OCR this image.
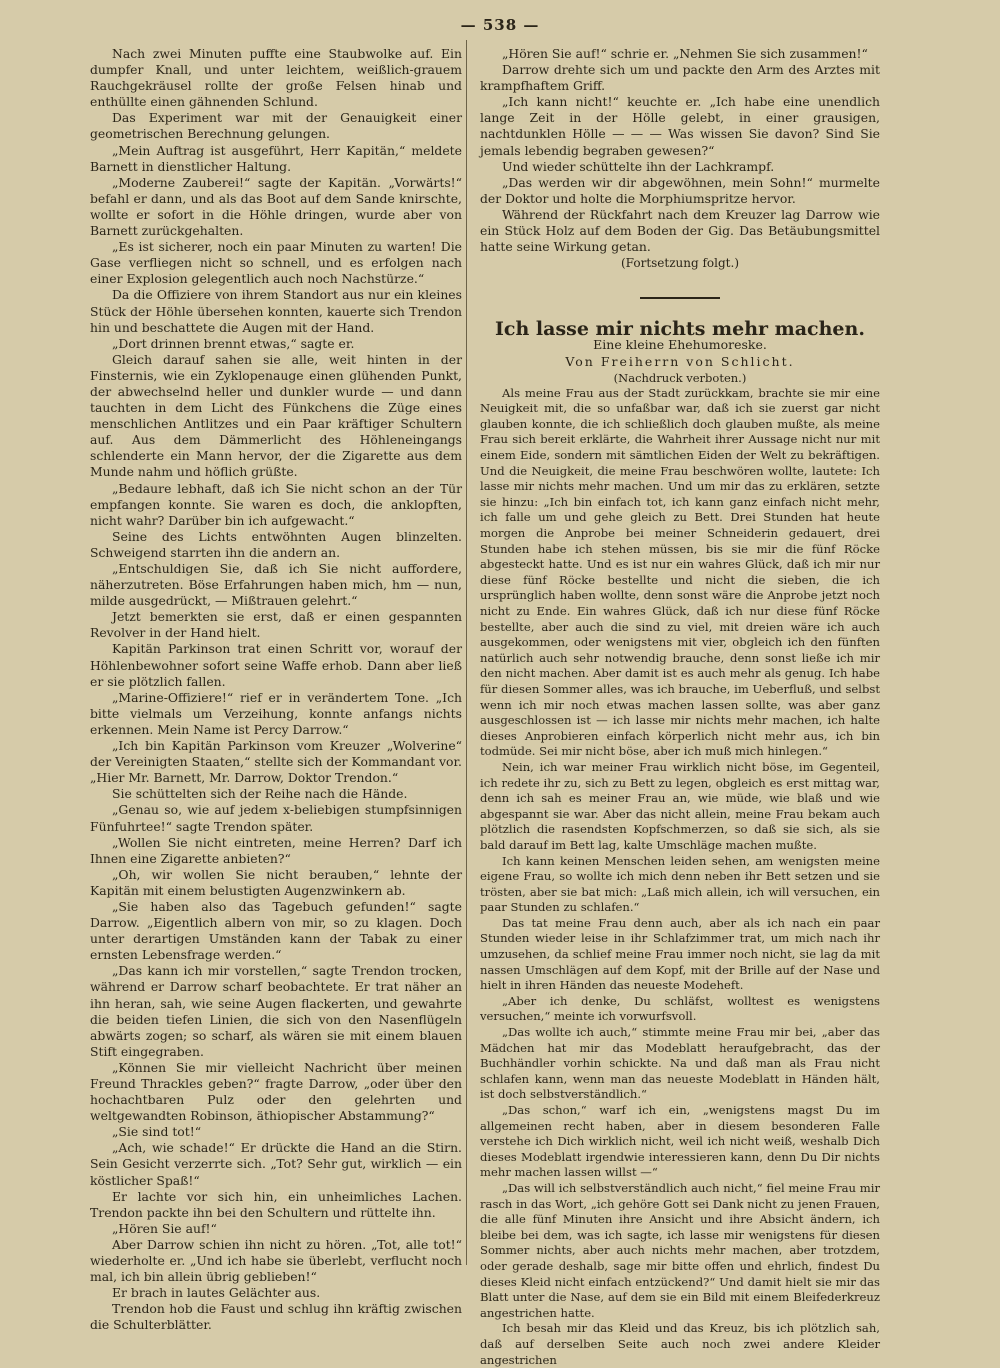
— 538 —

Nach zwei Minuten puffte eine Staubwolke auf. Ein dumpfer Knall, und unter leichtem, weißlich-grauem Rauchgekräusel rollte der große Felsen hinab und enthüllte einen gähnenden Schlund.

Das Experiment war mit der Genauigkeit einer geometrischen Berechnung gelungen.

„Mein Auftrag ist ausgeführt, Herr Kapitän,“ meldete Barnett in dienstlicher Haltung.

„Moderne Zauberei!“ sagte der Kapitän. „Vorwärts!“ befahl er dann, und als das Boot auf dem Sande knirschte, wollte er sofort in die Höhle dringen, wurde aber von Barnett zurückgehalten.

„Es ist sicherer, noch ein paar Minuten zu warten! Die Gase verfliegen nicht so schnell, und es erfolgen nach einer Explosion gelegentlich auch noch Nachstürze.“

Da die Offiziere von ihrem Standort aus nur ein kleines Stück der Höhle übersehen konnten, kauerte sich Trendon hin und beschattete die Augen mit der Hand.

„Dort drinnen brennt etwas,“ sagte er.

Gleich darauf sahen sie alle, weit hinten in der Finsternis, wie ein Zyklopenauge einen glühenden Punkt, der abwechselnd heller und dunkler wurde — und dann tauchten in dem Licht des Fünkchens die Züge eines menschlichen Antlitzes und ein Paar kräftiger Schultern auf. Aus dem Dämmerlicht des Höhleneingangs schlenderte ein Mann hervor, der die Zigarette aus dem Munde nahm und höflich grüßte.

„Bedaure lebhaft, daß ich Sie nicht schon an der Tür empfangen konnte. Sie waren es doch, die anklopften, nicht wahr? Darüber bin ich aufgewacht.“

Seine des Lichts entwöhnten Augen blinzelten. Schweigend starrten ihn die andern an.

„Entschuldigen Sie, daß ich Sie nicht aufforderе, näherzutreten. Böse Erfahrungen haben mich, hm — nun, milde ausgedrückt, — Mißtrauen gelehrt.“

Jetzt bemerkten sie erst, daß er einen gespannten Revolver in der Hand hielt.

Kapitän Parkinson trat einen Schritt vor, worauf der Höhlenbewohner sofort seine Waffe erhob. Dann aber ließ er sie plötzlich fallen.

„Marine-Offiziere!“ rief er in verändertem Tone. „Ich bitte vielmals um Verzeihung, konnte anfangs nichts erkennen. Mein Name ist Percy Darrow.“

„Ich bin Kapitän Parkinson vom Kreuzer „Wolverine“ der Vereinigten Staaten,“ stellte sich der Kommandant vor. „Hier Mr. Barnett, Mr. Darrow, Doktor Trendon.“

Sie schüttelten sich der Reihe nach die Hände.

„Genau so, wie auf jedem x-beliebigen stumpfsinnigen Fünfuhrtee!“ sagte Trendon später.

„Wollen Sie nicht eintreten, meine Herren? Darf ich Ihnen eine Zigarette anbieten?“

„Oh, wir wollen Sie nicht berauben,“ lehnte der Kapitän mit einem belustigten Augenzwinkern ab.

„Sie haben also das Tagebuch gefunden!“ sagte Darrow. „Eigentlich albern von mir, so zu klagen. Doch unter derartigen Umständen kann der Tabak zu einer ernsten Lebensfrage werden.“

„Das kann ich mir vorstellen,“ sagte Trendon trocken, während er Darrow scharf beobachtete. Er trat näher an ihn heran, sah, wie seine Augen flackerten, und gewahrte die beiden tiefen Linien, die sich von den Nasenflügeln abwärts zogen; so scharf, als wären sie mit einem blauen Stift eingegraben.

„Können Sie mir vielleicht Nachricht über meinen Freund Thrackles geben?“ fragte Darrow, „oder über den hochachtbaren Pulz oder den gelehrten und weltgewandten Robinson, äthiopischer Abstammung?“

„Sie sind tot!“

„Ach, wie schade!“ Er drückte die Hand an die Stirn. Sein Gesicht verzerrte sich. „Tot? Sehr gut, wirklich — ein köstlicher Spaß!“

Er lachte vor sich hin, ein unheimliches Lachen. Trendon packte ihn bei den Schultern und rüttelte ihn.

„Hören Sie auf!“

Aber Darrow schien ihn nicht zu hören. „Tot, alle tot!“ wiederholte er. „Und ich habe sie überlebt, verflucht noch mal, ich bin allein übrig geblieben!“

Er brach in lautes Gelächter aus.

Trendon hob die Faust und schlug ihn kräftig zwischen die Schulterblätter.

„Hören Sie auf!“ schrie er. „Nehmen Sie sich zusammen!“

Darrow drehte sich um und packte den Arm des Arztes mit krampfhaftem Griff.

„Ich kann nicht!“ keuchte er. „Ich habe eine unendlich lange Zeit in der Hölle gelebt, in einer grausigen, nachtdunklen Hölle — — — Was wissen Sie davon? Sind Sie jemals lebendig begraben gewesen?“

Und wieder schüttelte ihn der Lachkrampf.

„Das werden wir dir abgewöhnen, mein Sohn!“ murmelte der Doktor und holte die Morphiumspritze hervor.

Während der Rückfahrt nach dem Kreuzer lag Darrow wie ein Stück Holz auf dem Boden der Gig. Das Betäubungsmittel hatte seine Wirkung getan.

(Fortsetzung folgt.)

Ich lasse mir nichts mehr machen.

Eine kleine Ehehumoreske.

Von Freiherrn von Schlicht.

(Nachdruck verboten.)

Als meine Frau aus der Stadt zurückkam, brachte sie mir eine Neuigkeit mit, die so unfaßbar war, daß ich sie zuerst gar nicht glauben konnte, die ich schließlich doch glauben mußte, als meine Frau sich bereit erklärte, die Wahrheit ihrer Aussage nicht nur mit einem Eide, sondern mit sämtlichen Eiden der Welt zu bekräftigen. Und die Neuigkeit, die meine Frau beschwören wollte, lautete: Ich lasse mir nichts mehr machen. Und um mir das zu erklären, setzte sie hinzu: „Ich bin einfach tot, ich kann ganz einfach nicht mehr, ich falle um und gehe gleich zu Bett. Drei Stunden hat heute morgen die Anprobe bei meiner Schneiderin gedauert, drei Stunden habe ich stehen müssen, bis sie mir die fünf Röcke abgesteckt hatte. Und es ist nur ein wahres Glück, daß ich mir nur diese fünf Röcke bestellte und nicht die sieben, die ich ursprünglich haben wollte, denn sonst wäre die Anprobe jetzt noch nicht zu Ende. Ein wahres Glück, daß ich nur diese fünf Röcke bestellte, aber auch die sind zu viel, mit dreien wäre ich auch ausgekommen, oder wenigstens mit vier, obgleich ich den fünften natürlich auch sehr notwendig brauche, denn sonst ließe ich mir den nicht machen. Aber damit ist es auch mehr als genug. Ich habe für diesen Sommer alles, was ich brauche, im Ueberfluß, und selbst wenn ich mir noch etwas machen lassen sollte, was aber ganz ausgeschlossen ist — ich lasse mir nichts mehr machen, ich halte dieses Anprobieren einfach körperlich nicht mehr aus, ich bin todmüde. Sei mir nicht böse, aber ich muß mich hinlegen.“

Nein, ich war meiner Frau wirklich nicht böse, im Gegenteil, ich redete ihr zu, sich zu Bett zu legen, obgleich es erst mittag war, denn ich sah es meiner Frau an, wie müde, wie blaß und wie abgespannt sie war. Aber das nicht allein, meine Frau bekam auch plötzlich die rasendsten Kopfschmerzen, so daß sie sich, als sie bald darauf im Bett lag, kalte Umschläge machen mußte.

Ich kann keinen Menschen leiden sehen, am wenigsten meine eigene Frau, so wollte ich mich denn neben ihr Bett setzen und sie trösten, aber sie bat mich: „Laß mich allein, ich will versuchen, ein paar Stunden zu schlafen.“

Das tat meine Frau denn auch, aber als ich nach ein paar Stunden wieder leise in ihr Schlafzimmer trat, um mich nach ihr umzusehen, da schlief meine Frau immer noch nicht, sie lag da mit nassen Umschlägen auf dem Kopf, mit der Brille auf der Nase und hielt in ihren Händen das neueste Modeheft.

„Aber ich denke, Du schläfst, wolltest es wenigstens versuchen,“ meinte ich vorwurfsvoll.

„Das wollte ich auch,“ stimmte meine Frau mir bei, „aber das Mädchen hat mir das Modeblatt heraufgebracht, das der Buchhändler vorhin schickte. Na und daß man als Frau nicht schlafen kann, wenn man das neueste Modeblatt in Händen hält, ist doch selbstverständlich.“

„Das schon,“ warf ich ein, „wenigstens magst Du im allgemeinen recht haben, aber in diesem besonderen Falle verstehe ich Dich wirklich nicht, weil ich nicht weiß, weshalb Dich dieses Modeblatt irgendwie interessieren kann, denn Du Dir nichts mehr machen lassen willst —“

„Das will ich selbstverständlich auch nicht,“ fiel meine Frau mir rasch in das Wort, „ich gehöre Gott sei Dank nicht zu jenen Frauen, die alle fünf Minuten ihre Ansicht und ihre Absicht ändern, ich bleibe bei dem, was ich sagte, ich lasse mir wenigstens für diesen Sommer nichts, aber auch nichts mehr machen, aber trotzdem, oder gerade deshalb, sage mir bitte offen und ehrlich, findest Du dieses Kleid nicht einfach entzückend?“ Und damit hielt sie mir das Blatt unter die Nase, auf dem sie ein Bild mit einem Bleifederkreuz angestrichen hatte.

Ich besah mir das Kleid und das Kreuz, bis ich plötzlich sah, daß auf derselben Seite auch noch zwei andere Kleider angestrichen
